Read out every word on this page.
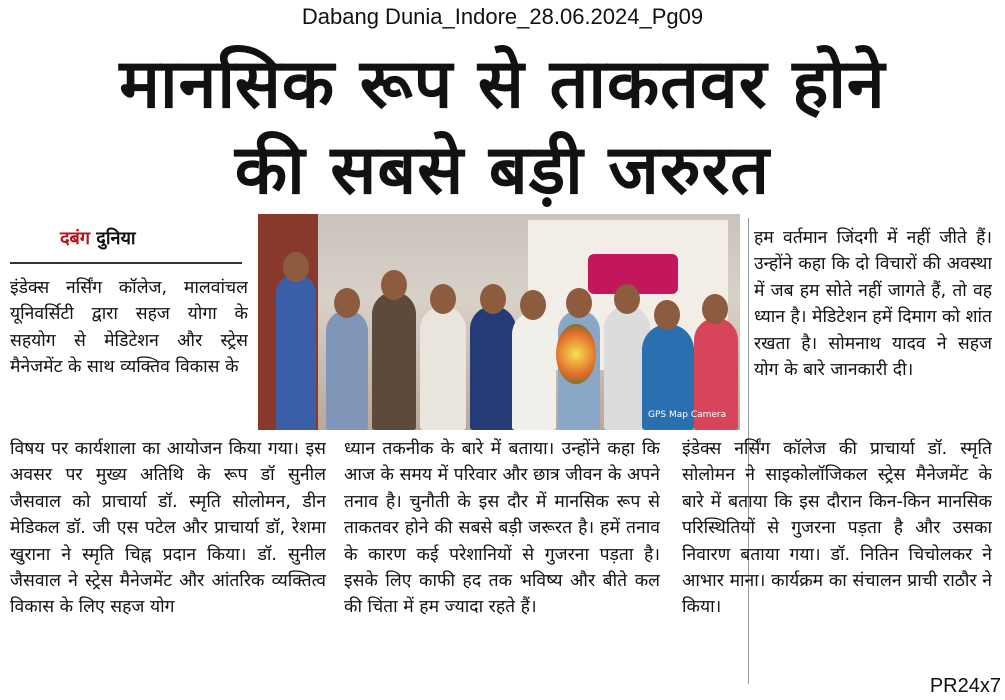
Dabang Dunia_Indore_28.06.2024_Pg09
मानसिक रूप से ताकतवर होने
की सबसे बड़ी जरुरत
दबंग दुनिया
इंडेक्स नर्सिंग कॉलेज, मालवांचल यूनिवर्सिटी द्वारा सहज योगा के सहयोग से मेडिटेशन और स्ट्रेस मैनेजमेंट के साथ व्यक्तिव विकास के
GPS Map Camera
हम वर्तमान जिंदगी में नहीं जीते हैं। उन्होंने कहा कि दो विचारों की अवस्था में जब हम सोते नहीं जागते हैं, तो वह ध्यान है। मेडिटेशन हमें दिमाग को शांत रखता है। सोमनाथ यादव ने सहज योग के बारे जानकारी दी।
विषय पर कार्यशाला का आयोजन किया गया। इस अवसर पर मुख्य अतिथि के रूप डॉ सुनील जैसवाल को प्राचार्या डॉ. स्मृति सोलोमन, डीन मेडिकल डॉ. जी एस पटेल और प्राचार्या डॉ, रेशमा खुराना ने स्मृति चिह्न प्रदान किया। डॉ. सुनील जैसवाल ने स्ट्रेस मैनेजमेंट और आंतरिक व्यक्तित्व विकास के लिए सहज योग
ध्यान तकनीक के बारे में बताया। उन्होंने कहा कि आज के समय में परिवार और छात्र जीवन के अपने तनाव है। चुनौती के इस दौर में मानसिक रूप से ताकतवर होने की सबसे बड़ी जरूरत है। हमें तनाव के कारण कई परेशानियों से गुजरना पड़ता है। इसके लिए काफी हद तक भविष्य और बीते कल की चिंता में हम ज्यादा रहते हैं।
इंडेक्स नर्सिंग कॉलेज की प्राचार्या डॉ. स्मृति सोलोमन ने साइकोलॉजिकल स्ट्रेस मैनेजमेंट के बारे में बताया कि इस दौरान किन-किन मानसिक परिस्थितियों से गुजरना पड़ता है और उसका निवारण बताया गया। डॉ. नितिन चिचोलकर ने आभार माना। कार्यक्रम का संचालन प्राची राठौर ने किया।
PR24x7
